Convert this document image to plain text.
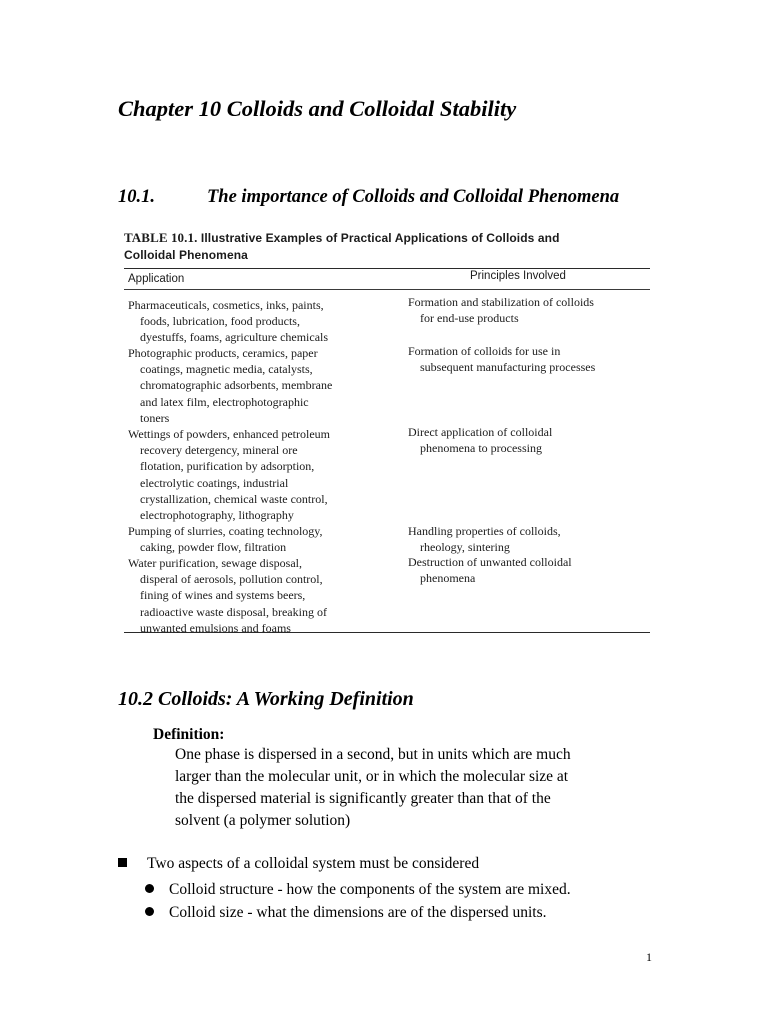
Chapter 10 Colloids and Colloidal Stability
10.1.	The importance of Colloids and Colloidal Phenomena
TABLE 10.1. Illustrative Examples of Practical Applications of Colloids and
Colloidal Phenomena
Application	Principles Involved
Pharmaceuticals, cosmetics, inks, paints,
foods, lubrication, food products,
dyestuffs, foams, agriculture chemicals
Formation and stabilization of colloids
for end-use products
Photographic products, ceramics, paper
coatings, magnetic media, catalysts,
chromatographic adsorbents, membrane
and latex film, electrophotographic
toners
Formation of colloids for use in
subsequent manufacturing processes
Wettings of powders, enhanced petroleum
recovery detergency, mineral ore
flotation, purification by adsorption,
electrolytic coatings, industrial
crystallization, chemical waste control,
electrophotography, lithography
Direct application of colloidal
phenomena to processing
Pumping of slurries, coating technology,
caking, powder flow, filtration
Handling properties of colloids,
rheology, sintering
Water purification, sewage disposal,
disperal of aerosols, pollution control,
fining of wines and systems beers,
radioactive waste disposal, breaking of
unwanted emulsions and foams
Destruction of unwanted colloidal
phenomena
10.2 Colloids: A Working Definition
Definition:
One phase is dispersed in a second, but in units which are much
larger than the molecular unit, or in which the molecular size at
the dispersed material is significantly greater than that of the
solvent (a polymer solution)
Two aspects of a colloidal system must be considered
Colloid structure - how the components of the system are mixed.
Colloid size - what the dimensions are of the dispersed units.
1
